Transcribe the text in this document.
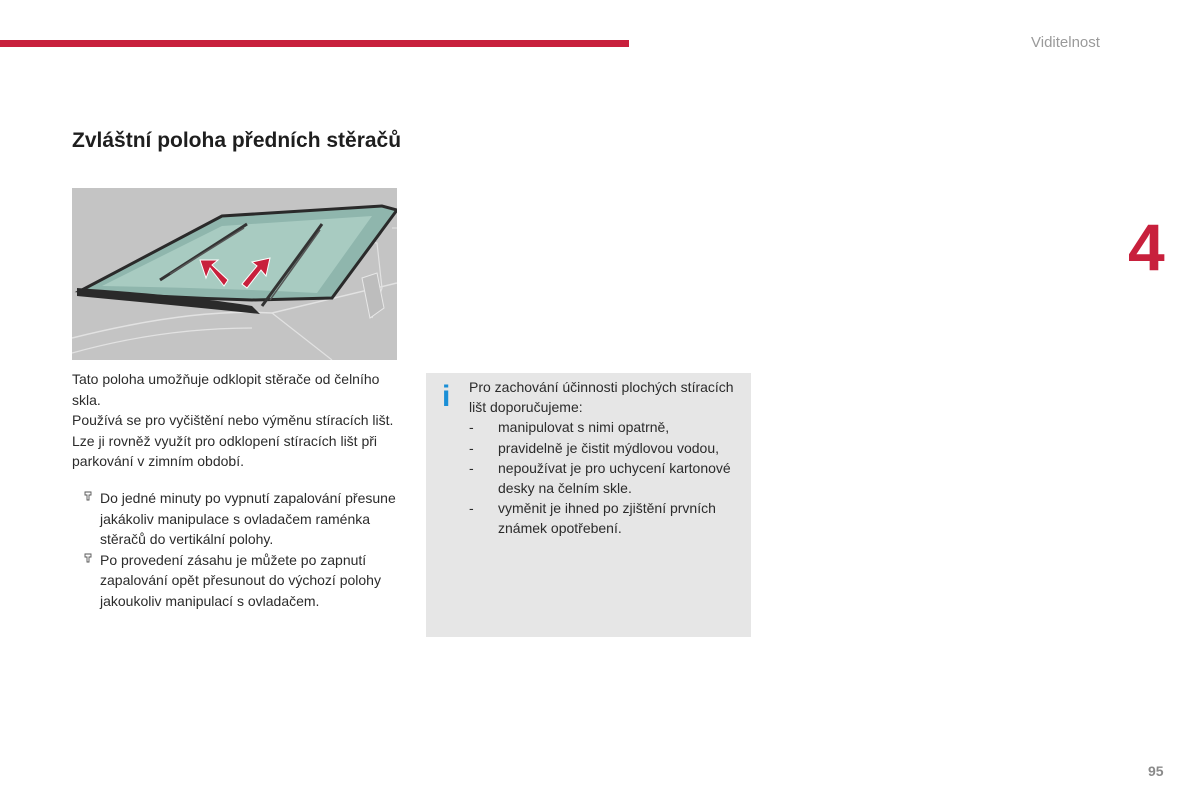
Viditelnost
4
Zvláštní poloha předních stěračů

Tato poloha umožňuje odklopit stěrače od čelního skla.

Používá se pro vyčištění nebo výměnu stíracích lišt. Lze ji rovněž využít pro odklopení stíracích lišt při parkování v zimním období.

Do jedné minuty po vypnutí zapalování přesune jakákoliv manipulace s ovladačem raménka stěračů do vertikální polohy.
Po provedení zásahu je můžete po zapnutí zapalování opět přesunout do výchozí polohy jakoukoliv manipulací s ovladačem.
i Pro zachování účinnosti plochých stíracích lišt doporučujeme:

- manipulovat s nimi opatrně,
- pravidelně je čistit mýdlovou vodou,
- nepoužívat je pro uchycení kartonové desky na čelním skle.
- vyměnit je ihned po zjištění prvních známek opotřebení.
95
